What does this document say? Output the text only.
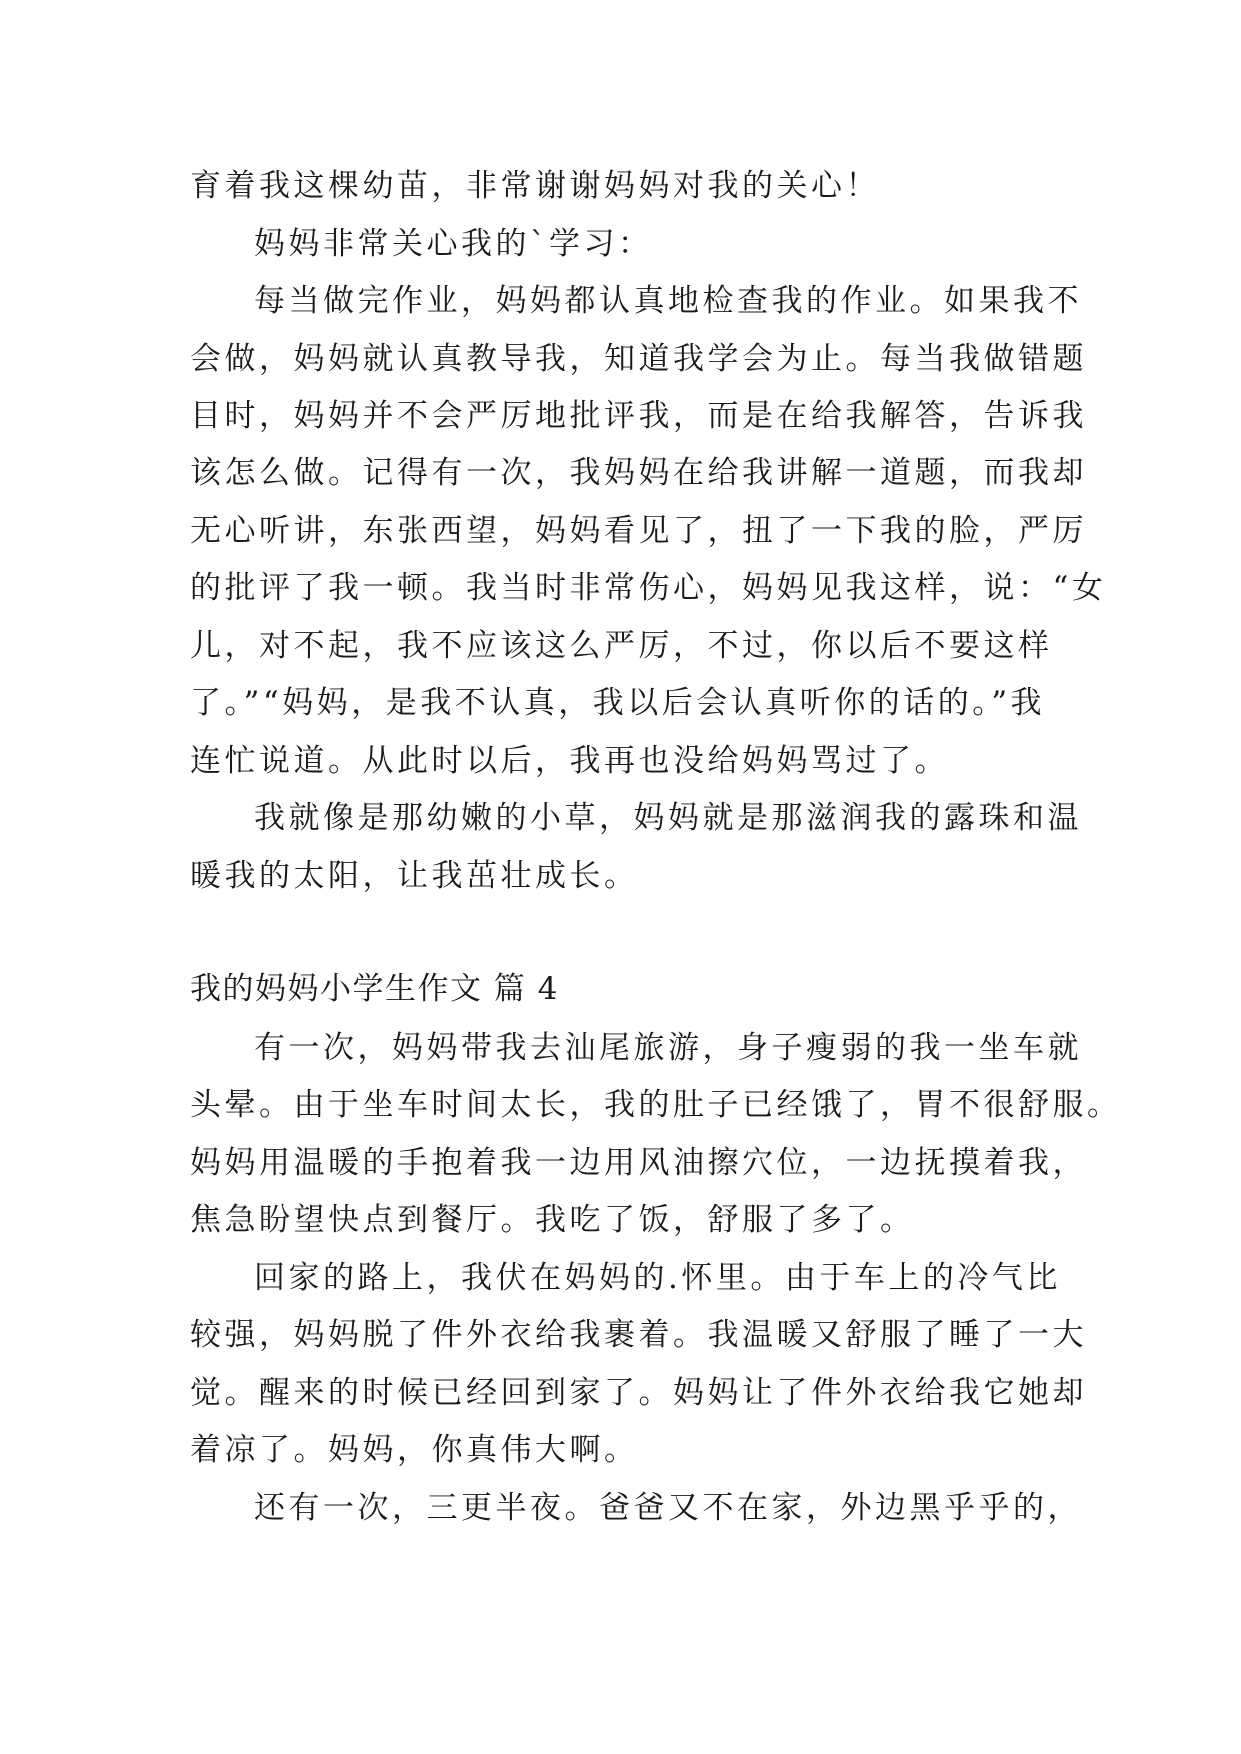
育着我这棵幼苗，非常谢谢妈妈对我的关心！

妈妈非常关心我的`学习：

每当做完作业，妈妈都认真地检查我的作业。如果我不

会做，妈妈就认真教导我，知道我学会为止。每当我做错题

目时，妈妈并不会严厉地批评我，而是在给我解答，告诉我

该怎么做。记得有一次，我妈妈在给我讲解一道题，而我却

无心听讲，东张西望，妈妈看见了，扭了一下我的脸，严厉

的批评了我一顿。我当时非常伤心，妈妈见我这样，说：“女

儿，对不起，我不应该这么严厉，不过，你以后不要这样

了。”“妈妈，是我不认真，我以后会认真听你的话的。”我

连忙说道。从此时以后，我再也没给妈妈骂过了。

我就像是那幼嫩的小草，妈妈就是那滋润我的露珠和温

暖我的太阳，让我茁壮成长。

我的妈妈小学生作文 篇 4

有一次，妈妈带我去汕尾旅游，身子瘦弱的我一坐车就

头晕。由于坐车时间太长，我的肚子已经饿了，胃不很舒服。

妈妈用温暖的手抱着我一边用风油擦穴位，一边抚摸着我，

焦急盼望快点到餐厅。我吃了饭，舒服了多了。

回家的路上，我伏在妈妈的.怀里。由于车上的冷气比

较强，妈妈脱了件外衣给我裹着。我温暖又舒服了睡了一大

觉。醒来的时候已经回到家了。妈妈让了件外衣给我它她却

着凉了。妈妈，你真伟大啊。

还有一次，三更半夜。爸爸又不在家，外边黑乎乎的，
